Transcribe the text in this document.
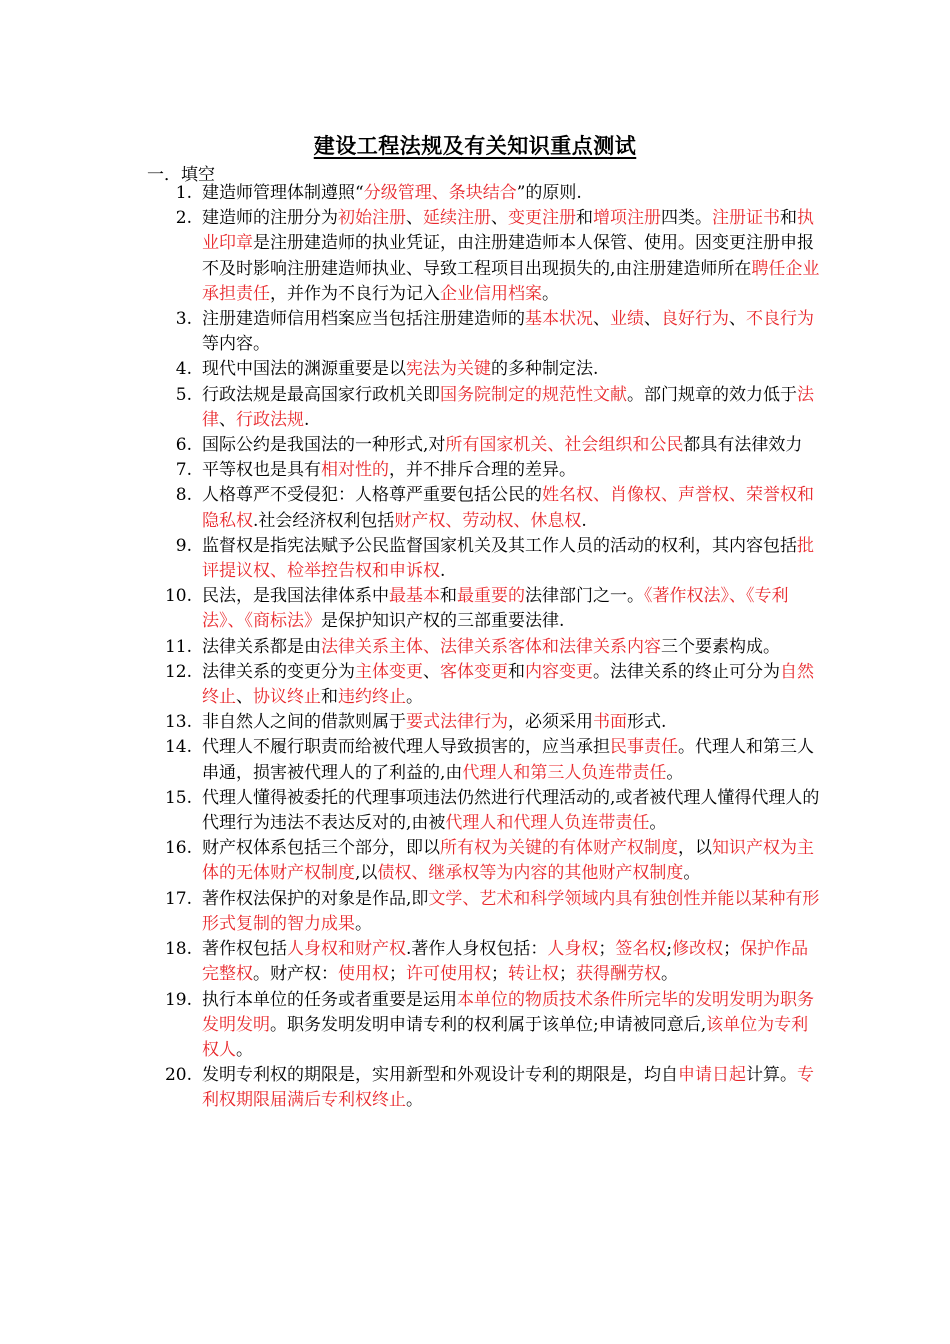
建设工程法规及有关知识重点测试
一．填空
1. 建造师管理体制遵照“分级管理、条块结合”的原则.
2. 建造师的注册分为初始注册、延续注册、变更注册和增项注册四类。注册证书和执业印章是注册建造师的执业凭证，由注册建造师本人保管、使用。因变更注册申报不及时影响注册建造师执业、导致工程项目出现损失的,由注册建造师所在聘任企业承担责任，并作为不良行为记入企业信用档案。
3. 注册建造师信用档案应当包括注册建造师的基本状况、业绩、良好行为、不良行为等内容。
4. 现代中国法的渊源重要是以宪法为关键的多种制定法.
5. 行政法规是最高国家行政机关即国务院制定的规范性文献。部门规章的效力低于法律、行政法规.
6. 国际公约是我国法的一种形式,对所有国家机关、社会组织和公民都具有法律效力
7. 平等权也是具有相对性的，并不排斥合理的差异。
8. 人格尊严不受侵犯：人格尊严重要包括公民的姓名权、肖像权、声誉权、荣誉权和隐私权.社会经济权利包括财产权、劳动权、休息权.
9. 监督权是指宪法赋予公民监督国家机关及其工作人员的活动的权利，其内容包括批评提议权、检举控告权和申诉权.
10. 民法，是我国法律体系中最基本和最重要的法律部门之一。《著作权法》、《专利法》、《商标法》是保护知识产权的三部重要法律.
11. 法律关系都是由法律关系主体、法律关系客体和法律关系内容三个要素构成。
12. 法律关系的变更分为主体变更、客体变更和内容变更。法律关系的终止可分为自然终止、协议终止和违约终止。
13. 非自然人之间的借款则属于要式法律行为，必须采用书面形式.
14. 代理人不履行职责而给被代理人导致损害的，应当承担民事责任。代理人和第三人串通，损害被代理人的了利益的,由代理人和第三人负连带责任。
15. 代理人懂得被委托的代理事项违法仍然进行代理活动的,或者被代理人懂得代理人的代理行为违法不表达反对的,由被代理人和代理人负连带责任。
16. 财产权体系包括三个部分，即以所有权为关键的有体财产权制度，以知识产权为主体的无体财产权制度,以债权、继承权等为内容的其他财产权制度。
17. 著作权法保护的对象是作品,即文学、艺术和科学领域内具有独创性并能以某种有形形式复制的智力成果。
18. 著作权包括人身权和财产权.著作人身权包括：人身权；签名权;修改权；保护作品完整权。财产权：使用权；许可使用权；转让权；获得酬劳权。
19. 执行本单位的任务或者重要是运用本单位的物质技术条件所完毕的发明发明为职务发明发明。职务发明发明申请专利的权利属于该单位;申请被同意后,该单位为专利权人。
20. 发明专利权的期限是，实用新型和外观设计专利的期限是，均自申请日起计算。专利权期限届满后专利权终止。
